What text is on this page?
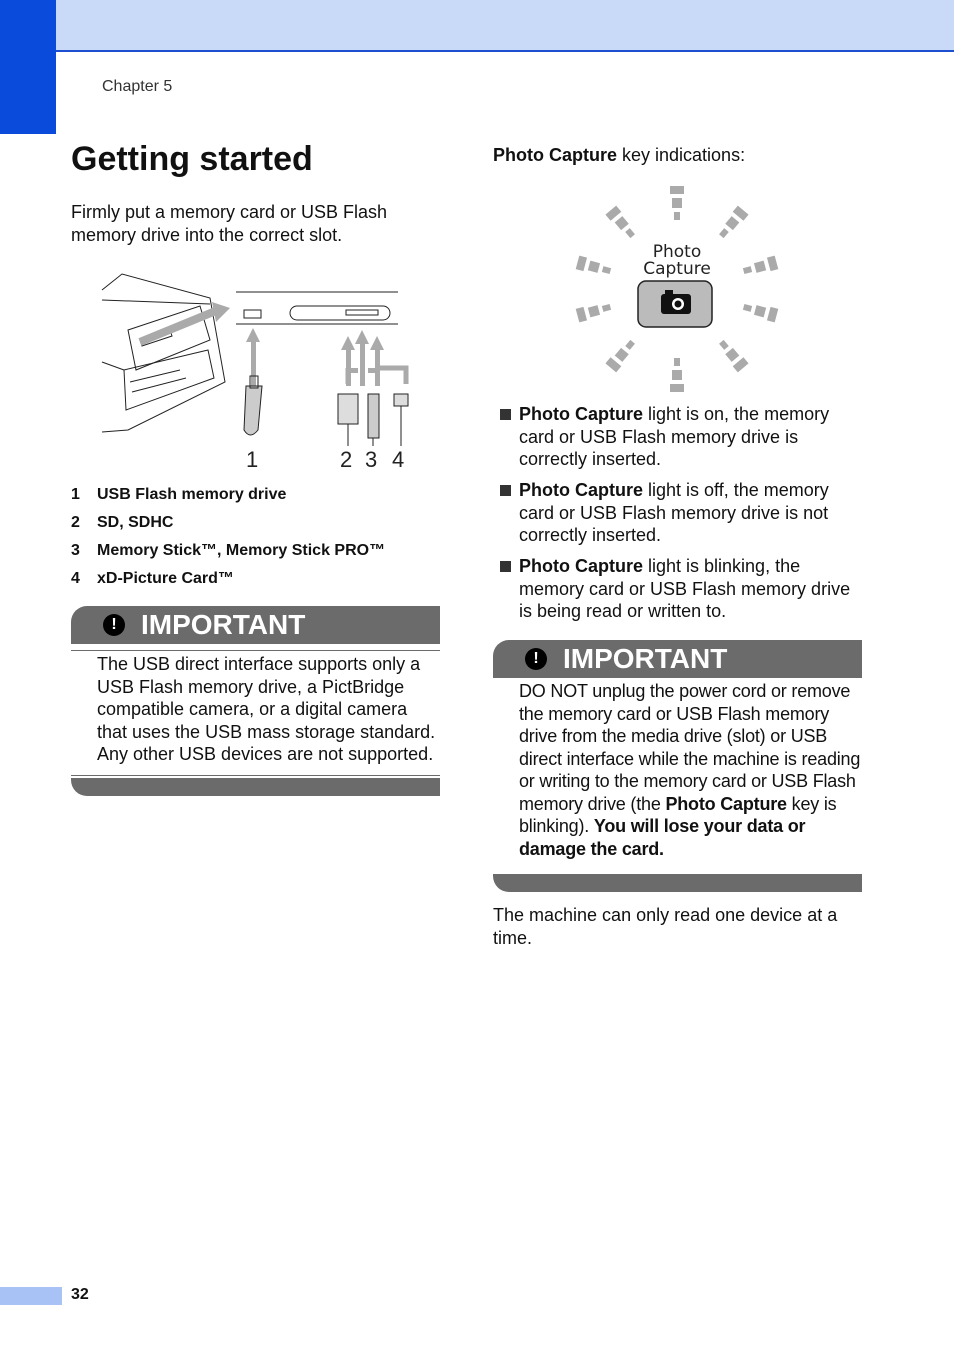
Chapter 5
Getting started
Firmly put a memory card or USB Flash memory drive into the correct slot.
1	2 3 4
1	USB Flash memory drive
2	SD, SDHC
3	Memory Stick™, Memory Stick PRO™
4	xD-Picture Card™
! IMPORTANT
The USB direct interface supports only a USB Flash memory drive, a PictBridge compatible camera, or a digital camera that uses the USB mass storage standard. Any other USB devices are not supported.
Photo Capture key indications:
Photo
Capture
Photo Capture light is on, the memory card or USB Flash memory drive is correctly inserted.
Photo Capture light is off, the memory card or USB Flash memory drive is not correctly inserted.
Photo Capture light is blinking, the memory card or USB Flash memory drive is being read or written to.
! IMPORTANT
DO NOT unplug the power cord or remove the memory card or USB Flash memory drive from the media drive (slot) or USB direct interface while the machine is reading or writing to the memory card or USB Flash memory drive (the Photo Capture key is blinking). You will lose your data or damage the card.
The machine can only read one device at a time.
32
